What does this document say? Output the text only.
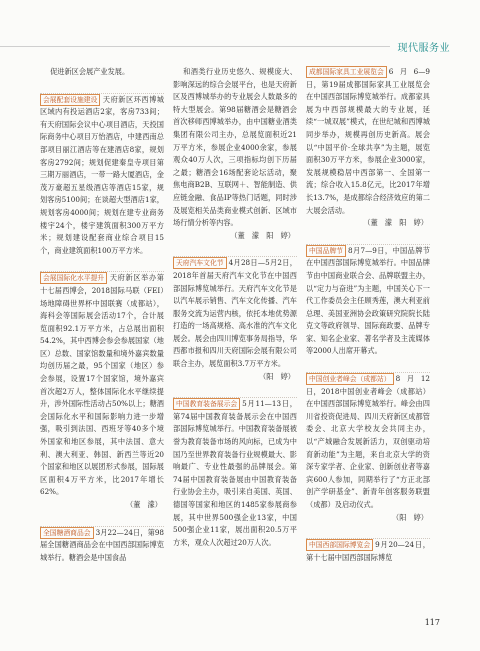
现代服务业

促进新区会展产业发展。

会展配套设施建设 天府新区环西博城区域内有投运酒店2家，客房733间；有天府国际会议中心项目酒店，天投国际商务中心项目万怡酒店，中建西南总部项目丽江酒店等在建酒店8家，规划客房2792间；规划促建秦皇寺项目第三期万丽酒店，一带一路大厦酒店，金茂万豪超五星级酒店等酒店15家，规划客房5100间；在谈超大型酒店1家，规划客房4000间；规划在建专业商务楼宇24个，楼宇建筑面积300万平方米；规划建设配套商业综合项目15个，商业建筑面积100万平方米。

会展国际化水平提升 天府新区举办第十七届西博会，2018国际马联（FEI）场地障碍世界杯中国联赛（成都站），海科会等国际展会活动17个，合计展览面积92.1万平方米，占总展出面积54.2%，其中西博会参会参展国家（地区）总数、国家馆数量和境外嘉宾数量均创历届之最，95个国家（地区）参会参展，设置17个国家馆，境外嘉宾首次超2万人，整体国际化水平继续提升，涉外国际性活动占50%以上；糖酒会国际化水平和国际影响力进一步增强，吸引到法国、西班牙等40多个境外国家和地区参展，其中法国、意大利、澳大利亚、韩国、新西兰等近20个国家和地区以展团形式参展，国际展区面积4万平方米，比2017年增长62%。

（董　濛）

全国糖酒商品会 3月22—24日，第98届全国糖酒商品会在中国西部国际博览城举行。糖酒会是中国食品

和酒类行业历史悠久、规模庞大、影响深远的综合会展平台，也是天府新区及西博城举办的专业展会人数最多的特大型展会。第98届糖酒会是糖酒会首次移师西博城举办，由中国糖业酒类集团有限公司主办，总展览面积近21万平方米，参展企业4000余家，参展观众40万人次，三项指标均创下历届之最；糖酒会16场配套论坛活动，聚焦电商B2B、互联网＋、智能制造、供应链金融、食品IP等热门话题，同时涉及展览相关品类商业模式创新、区域市场行情分析等内容。

（董　濛　阳　婷）

天府汽车文化节 4月28日—5月2日，2018年首届天府汽车文化节在中国西部国际博览城举行。天府汽车文化节是以汽车展示销售、汽车文化传播、汽车服务交流为运营内核，依托本地优势源打造的一场高规格、高水准的汽车文化展会。展会由四川博览事务局指导，华西都市报和四川天府国际会展有限公司联合主办，展览面积3.7万平方米。

（阳　婷）

中国教育装备展示会 5月11—13日，第74届中国教育装备展示会在中国西部国际博览城举行。中国教育装备展被誉为教育装备市场的风向标，已成为中国乃至世界教育装备行业规模最大、影响最广、专业性最强的品牌展会。第74届中国教育装备展由中国教育装备行业协会主办，吸引来自美国、英国、德国等国家和地区的1485家参展商参展，其中世界500强企业13家，中国500强企业11家，展出面积20.5万平方米，观众人次超过20万人次。

成都国际家具工业展览会 6月6—9日，第19届成都国际家具工业展览会在中国西部国际博览城举行。成都家具展为中西部规模最大的专业展，延续“一城双展”模式，在世纪城和西博城同步举办，规模再创历史新高。展会以“中国平价·全球共享”为主题，展览面积30万平方米，参展企业3000家，发展规模稳居中西部第一、全国第一流；综合收入15.8亿元，比2017年增长13.7%，是成都综合经济效应的第二大展会活动。

（董　濛　阳　婷）

中国品牌节 8月7—9日，中国品牌节在中国西部国际博览城举行。中国品牌节由中国商业联合会、品牌联盟主办，以“定力与奋进”为主题，中国关心下一代工作委员会主任顾秀莲，澳大利亚前总理、美国亚洲协会政策研究院院长陆克文等政府领导、国际商政要、品牌专家、知名企业家、著名学者及主流媒体等2000人出席开幕式。

中国创业者峰会（成都站） 8月12日，2018中国创业者峰会（成都站）在中国西部国际博览城举行。峰会由四川省投资促进局、四川天府新区成都管委会、北京大学校友会共同主办，以“产城融合发展新活力，双创驱动培育新动能”为主题，来自北京大学的资深专家学者、企业家、创新创业者等嘉宾600人参加，同期举行了“方正北部创产学研基金”、新青年创客服务联盟（成都）及启动仪式。

（阳　婷）

中国西部国际博览会 9月20—24日，第十七届中国西部国际博览

117
